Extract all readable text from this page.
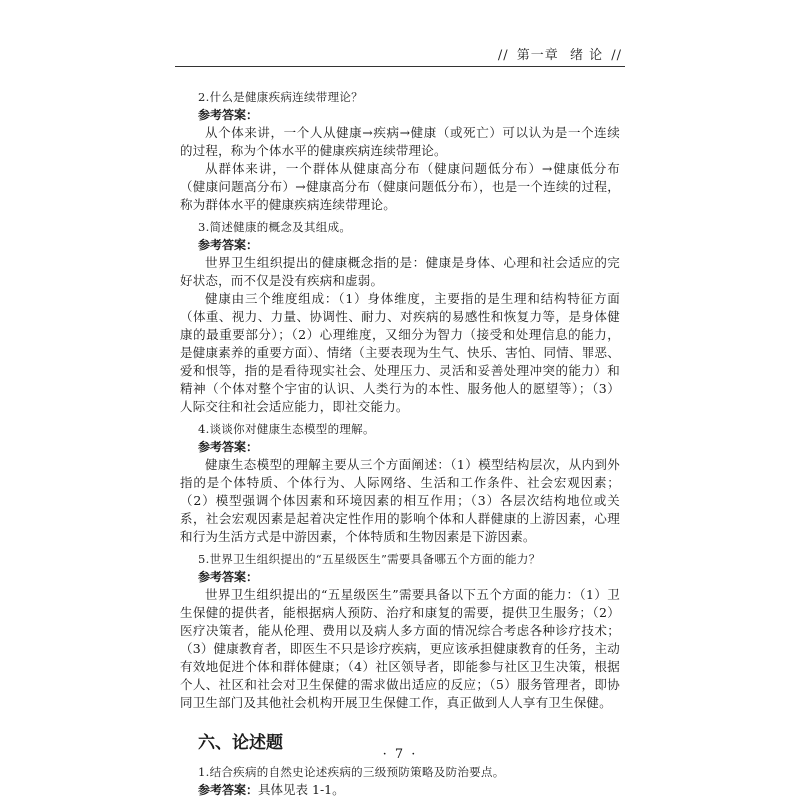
// 第一章 绪 论 //
2.什么是健康疾病连续带理论？
参考答案：

从个体来讲，一个人从健康→疾病→健康（或死亡）可以认为是一个连续的过程，称为个体水平的健康疾病连续带理论。

从群体来讲，一个群体从健康高分布（健康问题低分布）→健康低分布（健康问题高分布）→健康高分布（健康问题低分布），也是一个连续的过程，称为群体水平的健康疾病连续带理论。

3.简述健康的概念及其组成。
参考答案：

世界卫生组织提出的健康概念指的是：健康是身体、心理和社会适应的完好状态，而不仅是没有疾病和虚弱。

健康由三个维度组成：（1）身体维度，主要指的是生理和结构特征方面（体重、视力、力量、协调性、耐力、对疾病的易感性和恢复力等，是身体健康的最重要部分）；（2）心理维度，又细分为智力（接受和处理信息的能力，是健康素养的重要方面）、情绪（主要表现为生气、快乐、害怕、同情、罪恶、爱和恨等，指的是看待现实社会、处理压力、灵活和妥善处理冲突的能力）和精神（个体对整个宇宙的认识、人类行为的本性、服务他人的愿望等）；（3）人际交往和社会适应能力，即社交能力。

4.谈谈你对健康生态模型的理解。
参考答案：

健康生态模型的理解主要从三个方面阐述：（1）模型结构层次，从内到外指的是个体特质、个体行为、人际网络、生活和工作条件、社会宏观因素；（2）模型强调个体因素和环境因素的相互作用；（3）各层次结构地位或关系，社会宏观因素是起着决定性作用的影响个体和人群健康的上游因素，心理和行为生活方式是中游因素，个体特质和生物因素是下游因素。

5.世界卫生组织提出的“五星级医生”需要具备哪五个方面的能力？
参考答案：

世界卫生组织提出的“五星级医生”需要具备以下五个方面的能力：（1）卫生保健的提供者，能根据病人预防、治疗和康复的需要，提供卫生服务；（2）医疗决策者，能从伦理、费用以及病人多方面的情况综合考虑各种诊疗技术；（3）健康教育者，即医生不只是诊疗疾病，更应该承担健康教育的任务，主动有效地促进个体和群体健康；（4）社区领导者，即能参与社区卫生决策，根据个人、社区和社会对卫生保健的需求做出适应的反应；（5）服务管理者，即协同卫生部门及其他社会机构开展卫生保健工作，真正做到人人享有卫生保健。

六、论述题
1.结合疾病的自然史论述疾病的三级预防策略及防治要点。
参考答案：具体见表 1-1。
· 7 ·
